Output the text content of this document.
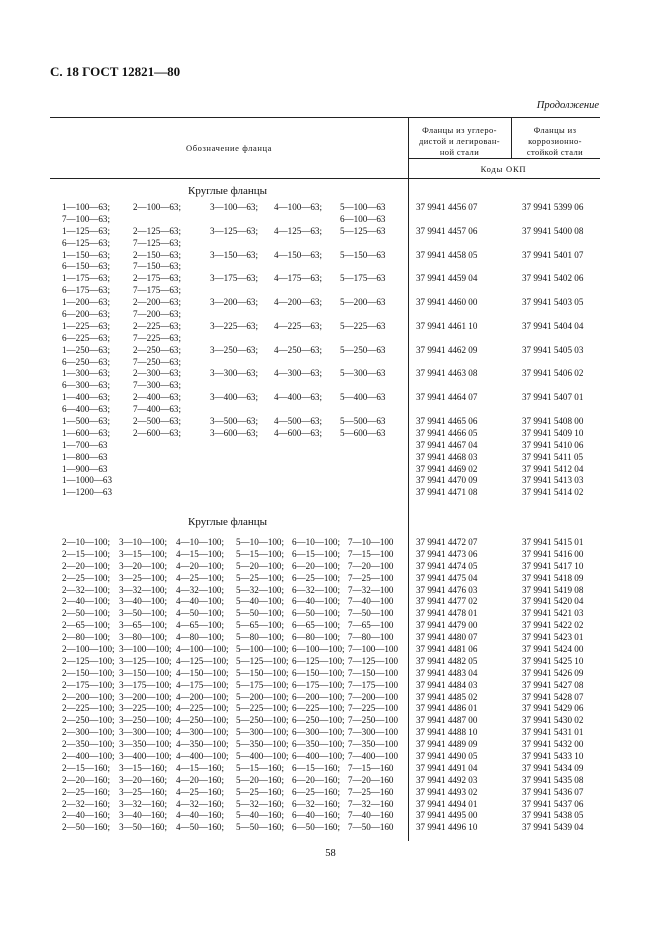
С. 18 ГОСТ 12821—80
Продолжение
Обозначение фланца
Фланцы из углеро-
дистой и легирован-
ной стали
Фланцы из
коррозионно-
стойкой стали
Коды ОКП
Круглые фланцы
1—100—63;	2—100—63;	3—100—63; 4—100—63; 5—100—63	37 9941 4456 07	37 9941 5399 06
7—100—63;	6—100—63
1—125—63;	2—125—63;	3—125—63; 4—125—63; 5—125—63	37 9941 4457 06	37 9941 5400 08
6—125—63;	7—125—63;
1—150—63;	2—150—63;	3—150—63; 4—150—63; 5—150—63	37 9941 4458 05	37 9941 5401 07
6—150—63;	7—150—63;
1—175—63;	2—175—63;	3—175—63; 4—175—63; 5—175—63	37 9941 4459 04	37 9941 5402 06
6—175—63;	7—175—63;
1—200—63;	2—200—63;	3—200—63; 4—200—63; 5—200—63	37 9941 4460 00	37 9941 5403 05
6—200—63;	7—200—63;
1—225—63;	2—225—63;	3—225—63; 4—225—63; 5—225—63	37 9941 4461 10	37 9941 5404 04
6—225—63;	7—225—63;
1—250—63;	2—250—63;	3—250—63; 4—250—63; 5—250—63	37 9941 4462 09	37 9941 5405 03
6—250—63;	7—250—63;
1—300—63;	2—300—63;	3—300—63; 4—300—63; 5—300—63	37 9941 4463 08	37 9941 5406 02
6—300—63;	7—300—63;
1—400—63;	2—400—63;	3—400—63; 4—400—63; 5—400—63	37 9941 4464 07	37 9941 5407 01
6—400—63;	7—400—63;
1—500—63;	2—500—63;	3—500—63; 4—500—63; 5—500—63	37 9941 4465 06	37 9941 5408 00
1—600—63;	2—600—63;	3—600—63; 4—600—63; 5—600—63	37 9941 4466 05	37 9941 5409 10
1—700—63	37 9941 4467 04	37 9941 5410 06
1—800—63	37 9941 4468 03	37 9941 5411 05
1—900—63	37 9941 4469 02	37 9941 5412 04
1—1000—63	37 9941 4470 09	37 9941 5413 03
1—1200—63	37 9941 4471 08	37 9941 5414 02
Круглые фланцы
2—10—100; 3—10—100; 4—10—100; 5—10—100; 6—10—100; 7—10—100 37 9941 4472 07	37 9941 5415 01
2—15—100; 3—15—100; 4—15—100; 5—15—100; 6—15—100; 7—15—100 37 9941 4473 06	37 9941 5416 00
2—20—100; 3—20—100; 4—20—100; 5—20—100; 6—20—100; 7—20—100 37 9941 4474 05	37 9941 5417 10
2—25—100; 3—25—100; 4—25—100; 5—25—100; 6—25—100; 7—25—100 37 9941 4475 04	37 9941 5418 09
2—32—100; 3—32—100; 4—32—100; 5—32—100; 6—32—100; 7—32—100 37 9941 4476 03	37 9941 5419 08
2—40—100; 3—40—100; 4—40—100; 5—40—100; 6—40—100; 7—40—100 37 9941 4477 02	37 9941 5420 04
2—50—100; 3—50—100; 4—50—100; 5—50—100; 6—50—100; 7—50—100 37 9941 4478 01	37 9941 5421 03
2—65—100; 3—65—100; 4—65—100; 5—65—100; 6—65—100; 7—65—100 37 9941 4479 00	37 9941 5422 02
2—80—100; 3—80—100; 4—80—100; 5—80—100; 6—80—100; 7—80—100 37 9941 4480 07	37 9941 5423 01
2—100—100; 3—100—100; 4—100—100; 5—100—100; 6—100—100; 7—100—100 37 9941 4481 06	37 9941 5424 00
2—125—100; 3—125—100; 4—125—100; 5—125—100; 6—125—100; 7—125—100 37 9941 4482 05	37 9941 5425 10
2—150—100; 3—150—100; 4—150—100; 5—150—100; 6—150—100; 7—150—100 37 9941 4483 04	37 9941 5426 09
2—175—100; 3—175—100; 4—175—100; 5—175—100; 6—175—100; 7—175—100 37 9941 4484 03	37 9941 5427 08
2—200—100; 3—200—100; 4—200—100; 5—200—100; 6—200—100; 7—200—100 37 9941 4485 02	37 9941 5428 07
2—225—100; 3—225—100; 4—225—100; 5—225—100; 6—225—100; 7—225—100 37 9941 4486 01	37 9941 5429 06
2—250—100; 3—250—100; 4—250—100; 5—250—100; 6—250—100; 7—250—100 37 9941 4487 00	37 9941 5430 02
2—300—100; 3—300—100; 4—300—100; 5—300—100; 6—300—100; 7—300—100 37 9941 4488 10	37 9941 5431 01
2—350—100; 3—350—100; 4—350—100; 5—350—100; 6—350—100; 7—350—100 37 9941 4489 09	37 9941 5432 00
2—400—100; 3—400—100; 4—400—100; 5—400—100; 6—400—100; 7—400—100 37 9941 4490 05	37 9941 5433 10
2—15—160; 3—15—160; 4—15—160; 5—15—160; 6—15—160; 7—15—160 37 9941 4491 04	37 9941 5434 09
2—20—160; 3—20—160; 4—20—160; 5—20—160; 6—20—160; 7—20—160 37 9941 4492 03	37 9941 5435 08
2—25—160; 3—25—160; 4—25—160; 5—25—160; 6—25—160; 7—25—160 37 9941 4493 02	37 9941 5436 07
2—32—160; 3—32—160; 4—32—160; 5—32—160; 6—32—160; 7—32—160 37 9941 4494 01	37 9941 5437 06
2—40—160; 3—40—160; 4—40—160; 5—40—160; 6—40—160; 7—40—160 37 9941 4495 00	37 9941 5438 05
2—50—160; 3—50—160; 4—50—160; 5—50—160; 6—50—160; 7—50—160 37 9941 4496 10	37 9941 5439 04
58
